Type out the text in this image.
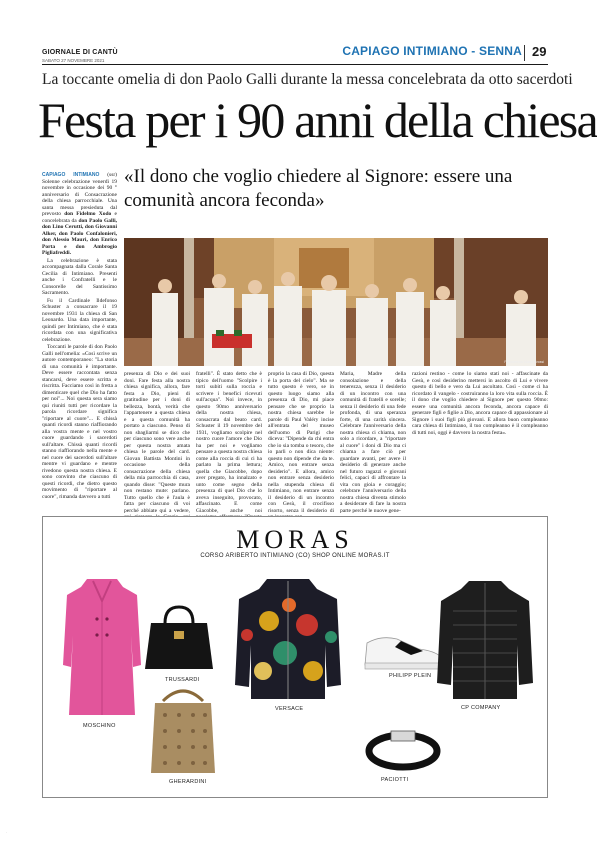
GIORNALE DI CANTÙ
SABATO 27 NOVEMBRE 2021
CAPIAGO INTIMIANO - SENNA 29
La toccante omelia di don Paolo Galli durante la messa concelebrata da otto sacerdoti
Festa per i 90 anni della chiesa
«Il dono che voglio chiedere al Signore: essere una comunità ancora feconda»

CAPIAGO INTIMIANO (ssr) Solenne celebrazione venerdì 19 novembre in occasione dei 90 ° anniversario di Consacrazione della chiesa parrocchiale. Una santa messa presieduta dal prevosto don Fidelmo Xodo e concelebrata da don Paolo Galli, don Lino Cerutti, don Giovanni Alker, don Paolo Confalonieri, don Alessio Mauri, don Enrico Porta e don Ambrogio Pigliafreddi.

La celebrazione è stata accompagnata dalla Corale Santa Cecilia di Intimiano. Presenti anche i Confratelli e le Consorelle del Santissimo Sacramento.

Fu il Cardinale Ildefonso Schuster a consacrare il 19 novembre 1931 la chiesa di San Leonardo. Una data importante, quindi per Intimiano, che è stata ricordata con una significativa celebrazione.

Toccanti le parole di don Paolo Galli nell'omelia: «Così scrive un autore contemporaneo: "La storia di una comunità è importante. Deve essere raccontata senza stancarsi, deve essere scritta e riscritta. Facciamo così in fretta a dimenticare quel che Dio ha fatto per noi"... Noi questa sera siamo qui riuniti tutti per ricordare la parola ricordare significa "riportare al cuore"... E chissà quanti ricordi stanno riaffiorando alla vostra mente e nel vostro cuore guardando i sacerdoti sull'altare. Chissà quanti ricordi stanno riaffiorando nella mente e nel cuore dei sacerdoti sull'altare mentre vi guardano e mentre rivedono questa nostra chiesa. E sono convinto che ciascuno di questi ricordi, che dietro questo movimento di "riportare al cuore", rimanda davvero a tutti

Fotoservizio Mario Grossi
presenza di Dio e dei suoi doni. Fare festa alla nostra chiesa significa, allora, fare festa a Dio, pieni di gratitudine per i doni di bellezza, bontà, verità che l'appartenere a questa chiesa e a questa comunità ha portato a ciascuno. Penso di non sbagliarmi se dico che per ciascuno sono vere anche per questa nostra amata chiesa le parole del card. Giovan Battista Montini in occasione della consacrazione della chiesa della mia parrocchia di casa, quando disse: "Queste mura non restano mute: parlano. Tutto quello che è l'aula è fatta per ciascuno di voi perché abbiate qui a vedere,
fratelli". È stato detto che è tipico dell'uomo "Scolpire i torti subiti sulla roccia e scrivere i benefici ricevuti sull'acqua". Noi invece, in questo 90mo anniversario della nostra chiesa, consacrata dal beato card. Schuster il 19 novembre del 1931, vogliamo scolpire nel nostro cuore l'amore che Dio ha per noi e vogliamo pensare a questa nostra chiesa come alla roccia di cui ci ha parlato la prima lettura; quella che Giacobbe, dopo aver pregato, ha innalzato e unto come segno della presenza di quel Dio che lo aveva inseguito, provocato, affascinato. E come Giacobbe, anche noi
proprio la casa di Dio, questa è la porta del cielo". Ma se tutto questo è vero, se in questo luogo siamo alla presenza di Dio, mi piace pensare che se proprio la nostra chiesa sarebbe le parole di Paul Valéry incise all'entrata del museo dell'uomo di Parigi che diceva: "Dipende da chi entra che io sia tomba o tesoro, che io parli o non dica niente: questo non dipende che da te. Amico, non entrare senza desiderio". E allora, amico non entrare senza desiderio nella stupenda chiesa di Intimiano, non entrare senza il desiderio di un incontro con Gesù, il crocifisso risorto, senza il desiderio di
Maria, Madre della consolazione e della tenerezza, senza il desiderio di un incontro con una comunità di fratelli e sorelle; senza il desiderio di una fede profonda, di una speranza forte, di una carità sincera. Celebrare l'anniversario della nostra chiesa ci chiama, non solo a ricordare, a "riportare al cuore" i doni di Dio ma ci chiama a fare ciò per guardare avanti, per avere il desiderio di generare anche nel futuro ragazzi e giovani felici, capaci di affrontare la vita con gioia e coraggio; celebrare l'anniversario della nostra chiesa diventa stimolo a desiderare di fare la nostra parte perché le nuove gene-
razioni restino - come lo siamo stati noi - affascinate da Gesù, e così desiderino mettersi in ascolto di Lui e vivere questo di bello e vero da Lui ascoltato. Così - come ci ha ricordato il vangelo - costruiranno la loro vita sulla roccia. È il dono che voglio chiedere al Signore per questo 90mo: essere una comunità ancora feconda, ancora capace di generare figli e figlie a Dio, ancora capace di appassionare al Signore i suoi figli più giovani. E allora buon compleanno cara chiesa di Intimiano, il tuo compleanno è il compleanno di tutti noi, oggi è davvero la nostra festa».
MORAS
CORSO ARIBERTO INTIMIANO (CO) SHOP ONLINE MORAS.IT
MOSCHINO
TRUSSARDI
GHERARDINI
VERSACE
PHILIPP PLEIN
PACIOTTI
CP COMPANY
·
